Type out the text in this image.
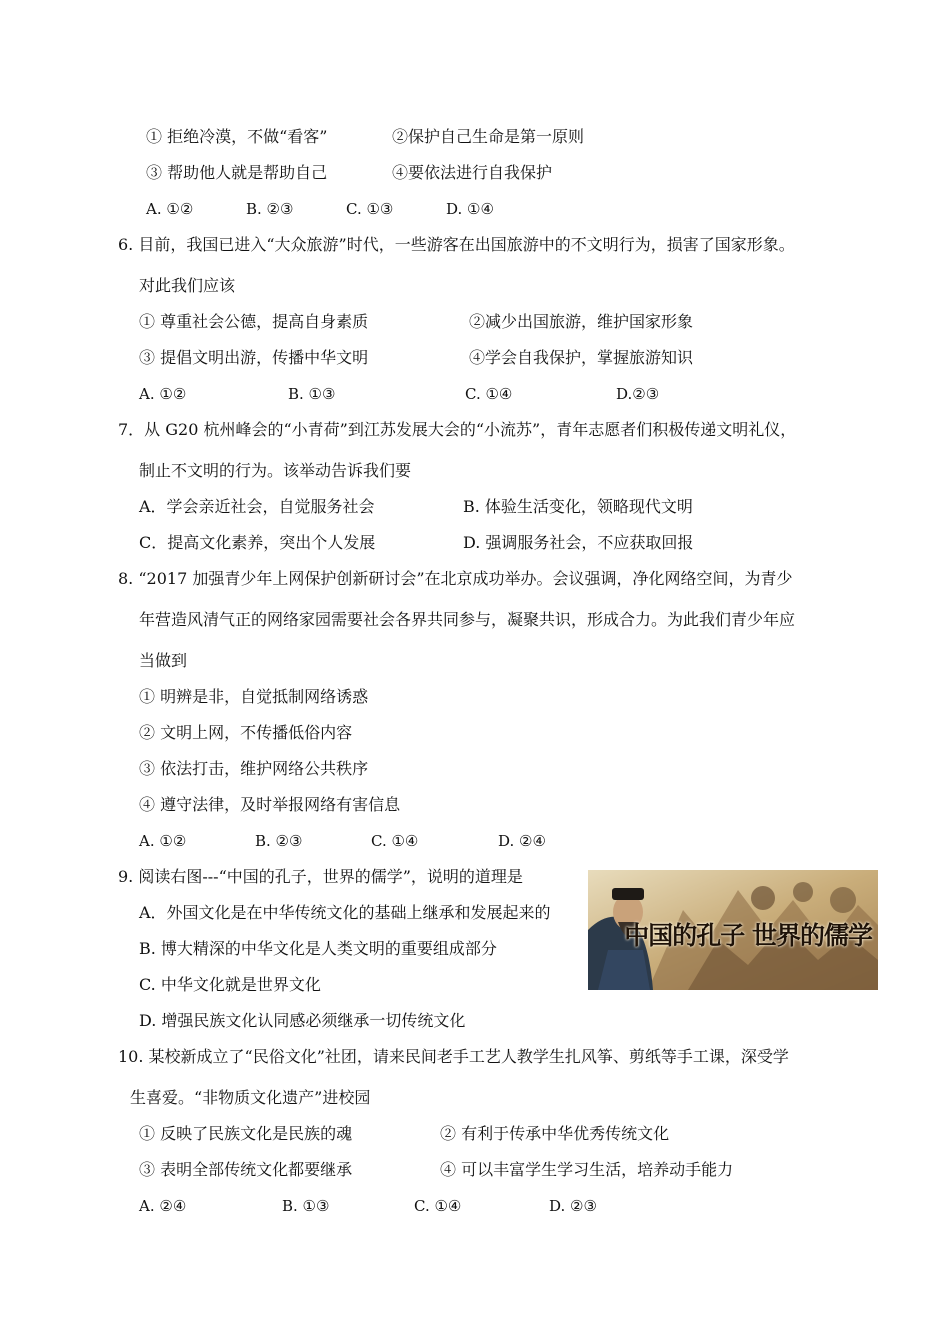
① 拒绝冷漠，不做“看客”	②保护自己生命是第一原则
③ 帮助他人就是帮助自己	④要依法进行自我保护
A. ①②	B. ②③	C. ①③	D. ①④
6. 目前，我国已进入“大众旅游”时代，一些游客在出国旅游中的不文明行为，损害了国家形象。
对此我们应该
① 尊重社会公德，提高自身素质	②减少出国旅游，维护国家形象
③ 提倡文明出游，传播中华文明	④学会自我保护，掌握旅游知识
A. ①②	B. ①③	C. ①④	D.②③
7．从 G20 杭州峰会的“小青荷”到江苏发展大会的“小流苏”，青年志愿者们积极传递文明礼仪，
制止不文明的行为。该举动告诉我们要
A．学会亲近社会，自觉服务社会	B. 体验生活变化，领略现代文明
C．提高文化素养，突出个人发展	D. 强调服务社会，不应获取回报
8. “2017 加强青少年上网保护创新研讨会”在北京成功举办。会议强调，净化网络空间，为青少
年营造风清气正的网络家园需要社会各界共同参与，凝聚共识，形成合力。为此我们青少年应
当做到
① 明辨是非，自觉抵制网络诱惑
② 文明上网，不传播低俗内容
③ 依法打击，维护网络公共秩序
④ 遵守法律，及时举报网络有害信息
A. ①②	B. ②③	C. ①④	D. ②④
9. 阅读右图---“中国的孔子，世界的儒学”，说明的道理是
A．外国文化是在中华传统文化的基础上继承和发展起来的
B. 博大精深的中华文化是人类文明的重要组成部分
C. 中华文化就是世界文化
D. 增强民族文化认同感必须继承一切传统文化
中国的孔子 世界的儒学
10. 某校新成立了“民俗文化”社团，请来民间老手工艺人教学生扎风筝、剪纸等手工课，深受学
生喜爱。“非物质文化遗产”进校园
① 反映了民族文化是民族的魂	② 有利于传承中华优秀传统文化
③ 表明全部传统文化都要继承	④ 可以丰富学生学习生活，培养动手能力
A. ②④	B. ①③	C. ①④	D. ②③
